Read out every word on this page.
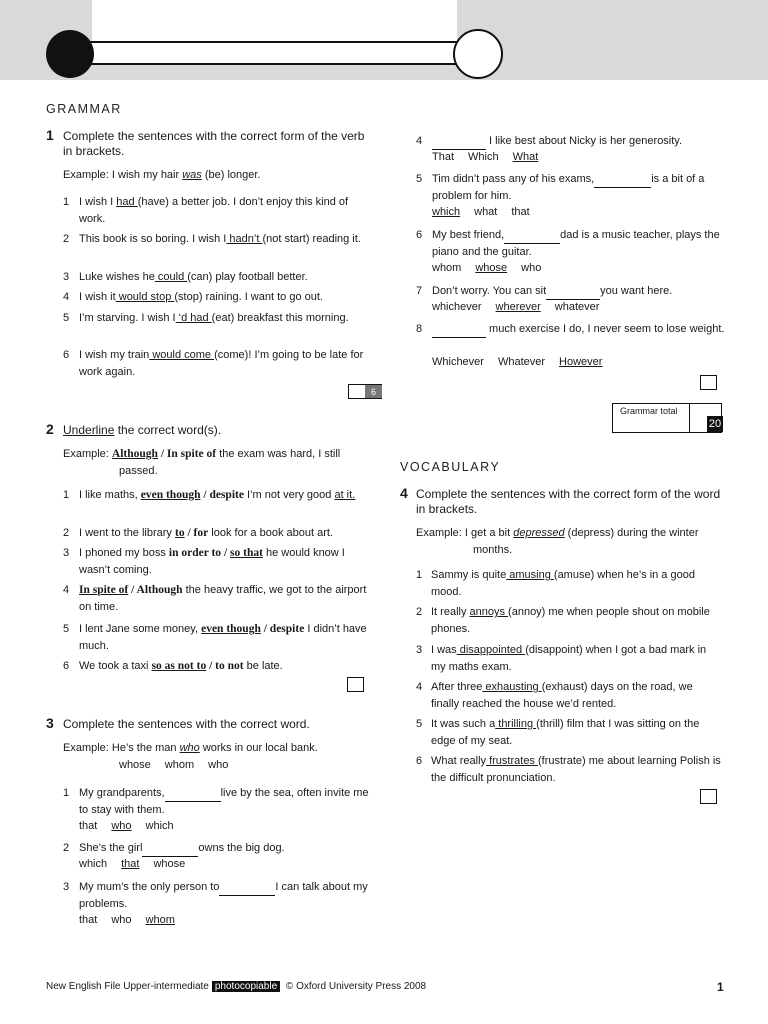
GRAMMAR
1 Complete the sentences with the correct form of the verb in brackets.
Example: I wish my hair was (be) longer.
1 I wish I had (have) a better job. I don’t enjoy this kind of work.
2 This book is so boring. I wish I hadn’t (not start) reading it.
3 Luke wishes he could (can) play football better.
4 I wish it would stop (stop) raining. I want to go out.
5 I’m starving. I wish I ‘d had (eat) breakfast this morning.
6 I wish my train would come (come)! I’m going to be late for work again.
6
2 Underline the correct word(s).
Example: Although / In spite of the exam was hard, I still passed.
1 I like maths, even though / despite I’m not very good at it.
2 I went to the library to / for look for a book about art.
3 I phoned my boss in order to / so that he would know I wasn’t coming.
4 In spite of / Although the heavy traffic, we got to the airport on time.
5 I lent Jane some money, even though / despite I didn’t have much.
6 We took a taxi so as not to / to not be late.
3 Complete the sentences with the correct word.
Example: He’s the man who works in our local bank.
whose whom who
1 My grandparents,	live by the sea, often invite me to stay with them.
that who which
2 She’s the girl	owns the big dog.
which that whose
3 My mum’s the only person to	I can talk about my problems.
that who whom
4	I like best about Nicky is her generosity.
That Which What
5 Tim didn’t pass any of his exams,	is a bit of a problem for him.
which what that
6 My best friend,	dad is a music teacher, plays the piano and the guitar.
whom whose who
7 Don’t worry. You can sit	you want here.
whichever wherever whatever
8	much exercise I do, I never seem to lose weight.
Whichever Whatever However
Grammar total
20
VOCABULARY
4 Complete the sentences with the correct form of the word in brackets.
Example: I get a bit depressed (depress) during the winter months.
1 Sammy is quite amusing (amuse) when he’s in a good mood.
2 It really annoys (annoy) me when people shout on mobile phones.
3 I was disappointed (disappoint) when I got a bad mark in my maths exam.
4 After three exhausting (exhaust) days on the road, we finally reached the house we’d rented.
5 It was such a thrilling (thrill) film that I was sitting on the edge of my seat.
6 What really frustrates (frustrate) me about learning Polish is the difficult pronunciation.
New English File Upper-intermediate photocopiable © Oxford University Press 2008	1
